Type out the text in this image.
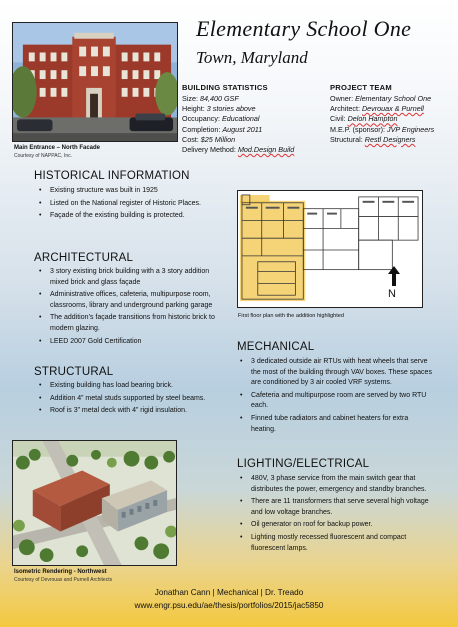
Elementary School One
Town, Maryland
Main Entrance – North Facade
Courtesy of NAPPAC, Inc.
BUILDING STATISTICS
Size: 84,400 GSF
Height: 3 stories above
Occupancy: Educational
Completion: August 2011
Cost: $25 Million
Delivery Method: Mod.Design Build
PROJECT TEAM
Owner: Elementary School One
Architect: Devrouax & Purnell
Civil: Delon Hampton
M.E.P. (sponsor): JVP Engineers
Structural: Restl Designers
HISTORICAL INFORMATION
• Existing structure was built in 1925
• Listed on the National register of Historic Places.
• Façade of the existing building is protected.
ARCHITECTURAL
• 3 story existing brick building with a 3 story addition mixed brick and glass façade
• Administrative offices, cafeteria, multipurpose room, classrooms, library and underground parking garage
• The addition’s façade transitions from historic brick to modern glazing.
• LEED 2007 Gold Certification
STRUCTURAL
• Existing building has load bearing brick.
• Addition 4” metal studs supported by steel beams.
• Roof is 3” metal deck with 4” rigid insulation.
Isometric Rendering - Northwest
Courtesy of Devrouax and Purnell Architects
N
First floor plan with the addition highlighted
MECHANICAL
• 3 dedicated outside air RTUs with heat wheels that serve the most of the building through VAV boxes. These spaces are conditioned by 3 air cooled VRF systems.
• Cafeteria and multipurpose room are served by two RTU each.
• Finned tube radiators and cabinet heaters for extra heating.
LIGHTING/ELECTRICAL
• 480V, 3 phase service from the main switch gear that distributes the power, emergency and standby branches.
• There are 11 transformers that serve several high voltage and low voltage branches.
• Oil generator on roof for backup power.
• Lighting mostly recessed fluorescent and compact fluorescent lamps.
Jonathan Cann | Mechanical | Dr. Treado
www.engr.psu.edu/ae/thesis/portfolios/2015/jac5850
